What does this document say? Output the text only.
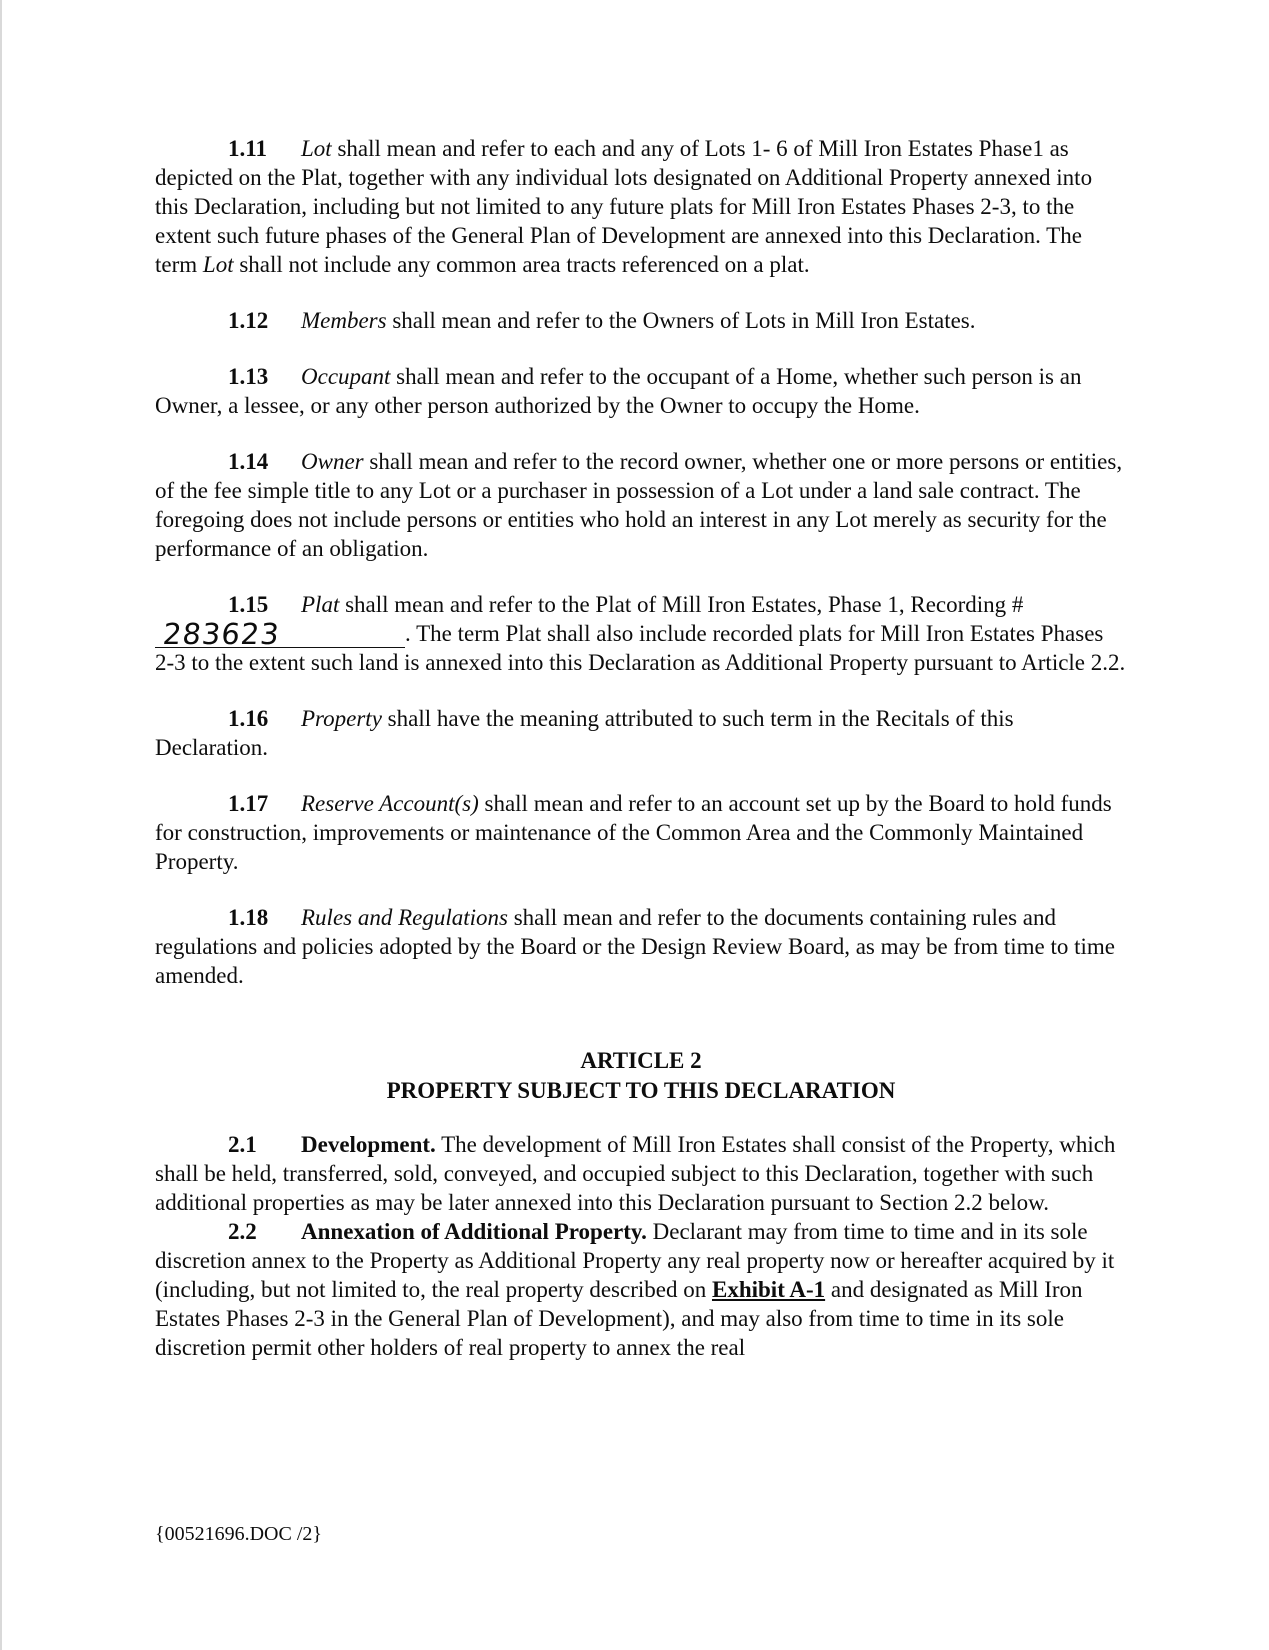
1.11 Lot shall mean and refer to each and any of Lots 1- 6 of Mill Iron Estates Phase1 as depicted on the Plat, together with any individual lots designated on Additional Property annexed into this Declaration, including but not limited to any future plats for Mill Iron Estates Phases 2-3, to the extent such future phases of the General Plan of Development are annexed into this Declaration. The term Lot shall not include any common area tracts referenced on a plat.

1.12 Members shall mean and refer to the Owners of Lots in Mill Iron Estates.

1.13 Occupant shall mean and refer to the occupant of a Home, whether such person is an Owner, a lessee, or any other person authorized by the Owner to occupy the Home.

1.14 Owner shall mean and refer to the record owner, whether one or more persons or entities, of the fee simple title to any Lot or a purchaser in possession of a Lot under a land sale contract. The foregoing does not include persons or entities who hold an interest in any Lot merely as security for the performance of an obligation.

1.15 Plat shall mean and refer to the Plat of Mill Iron Estates, Phase 1, Recording #
283623	. The term Plat shall also include recorded plats for Mill Iron Estates Phases 2-3 to the extent such land is annexed into this Declaration as Additional Property pursuant to Article 2.2.

1.16 Property shall have the meaning attributed to such term in the Recitals of this Declaration.

1.17 Reserve Account(s) shall mean and refer to an account set up by the Board to hold funds for construction, improvements or maintenance of the Common Area and the Commonly Maintained Property.

1.18 Rules and Regulations shall mean and refer to the documents containing rules and regulations and policies adopted by the Board or the Design Review Board, as may be from time to time amended.

ARTICLE 2
PROPERTY SUBJECT TO THIS DECLARATION

2.1 Development. The development of Mill Iron Estates shall consist of the Property, which shall be held, transferred, sold, conveyed, and occupied subject to this Declaration, together with such additional properties as may be later annexed into this Declaration pursuant to Section 2.2 below.

2.2 Annexation of Additional Property. Declarant may from time to time and in its sole discretion annex to the Property as Additional Property any real property now or hereafter acquired by it (including, but not limited to, the real property described on Exhibit A-1 and designated as Mill Iron Estates Phases 2-3 in the General Plan of Development), and may also from time to time in its sole discretion permit other holders of real property to annex the real

{00521696.DOC /2}
